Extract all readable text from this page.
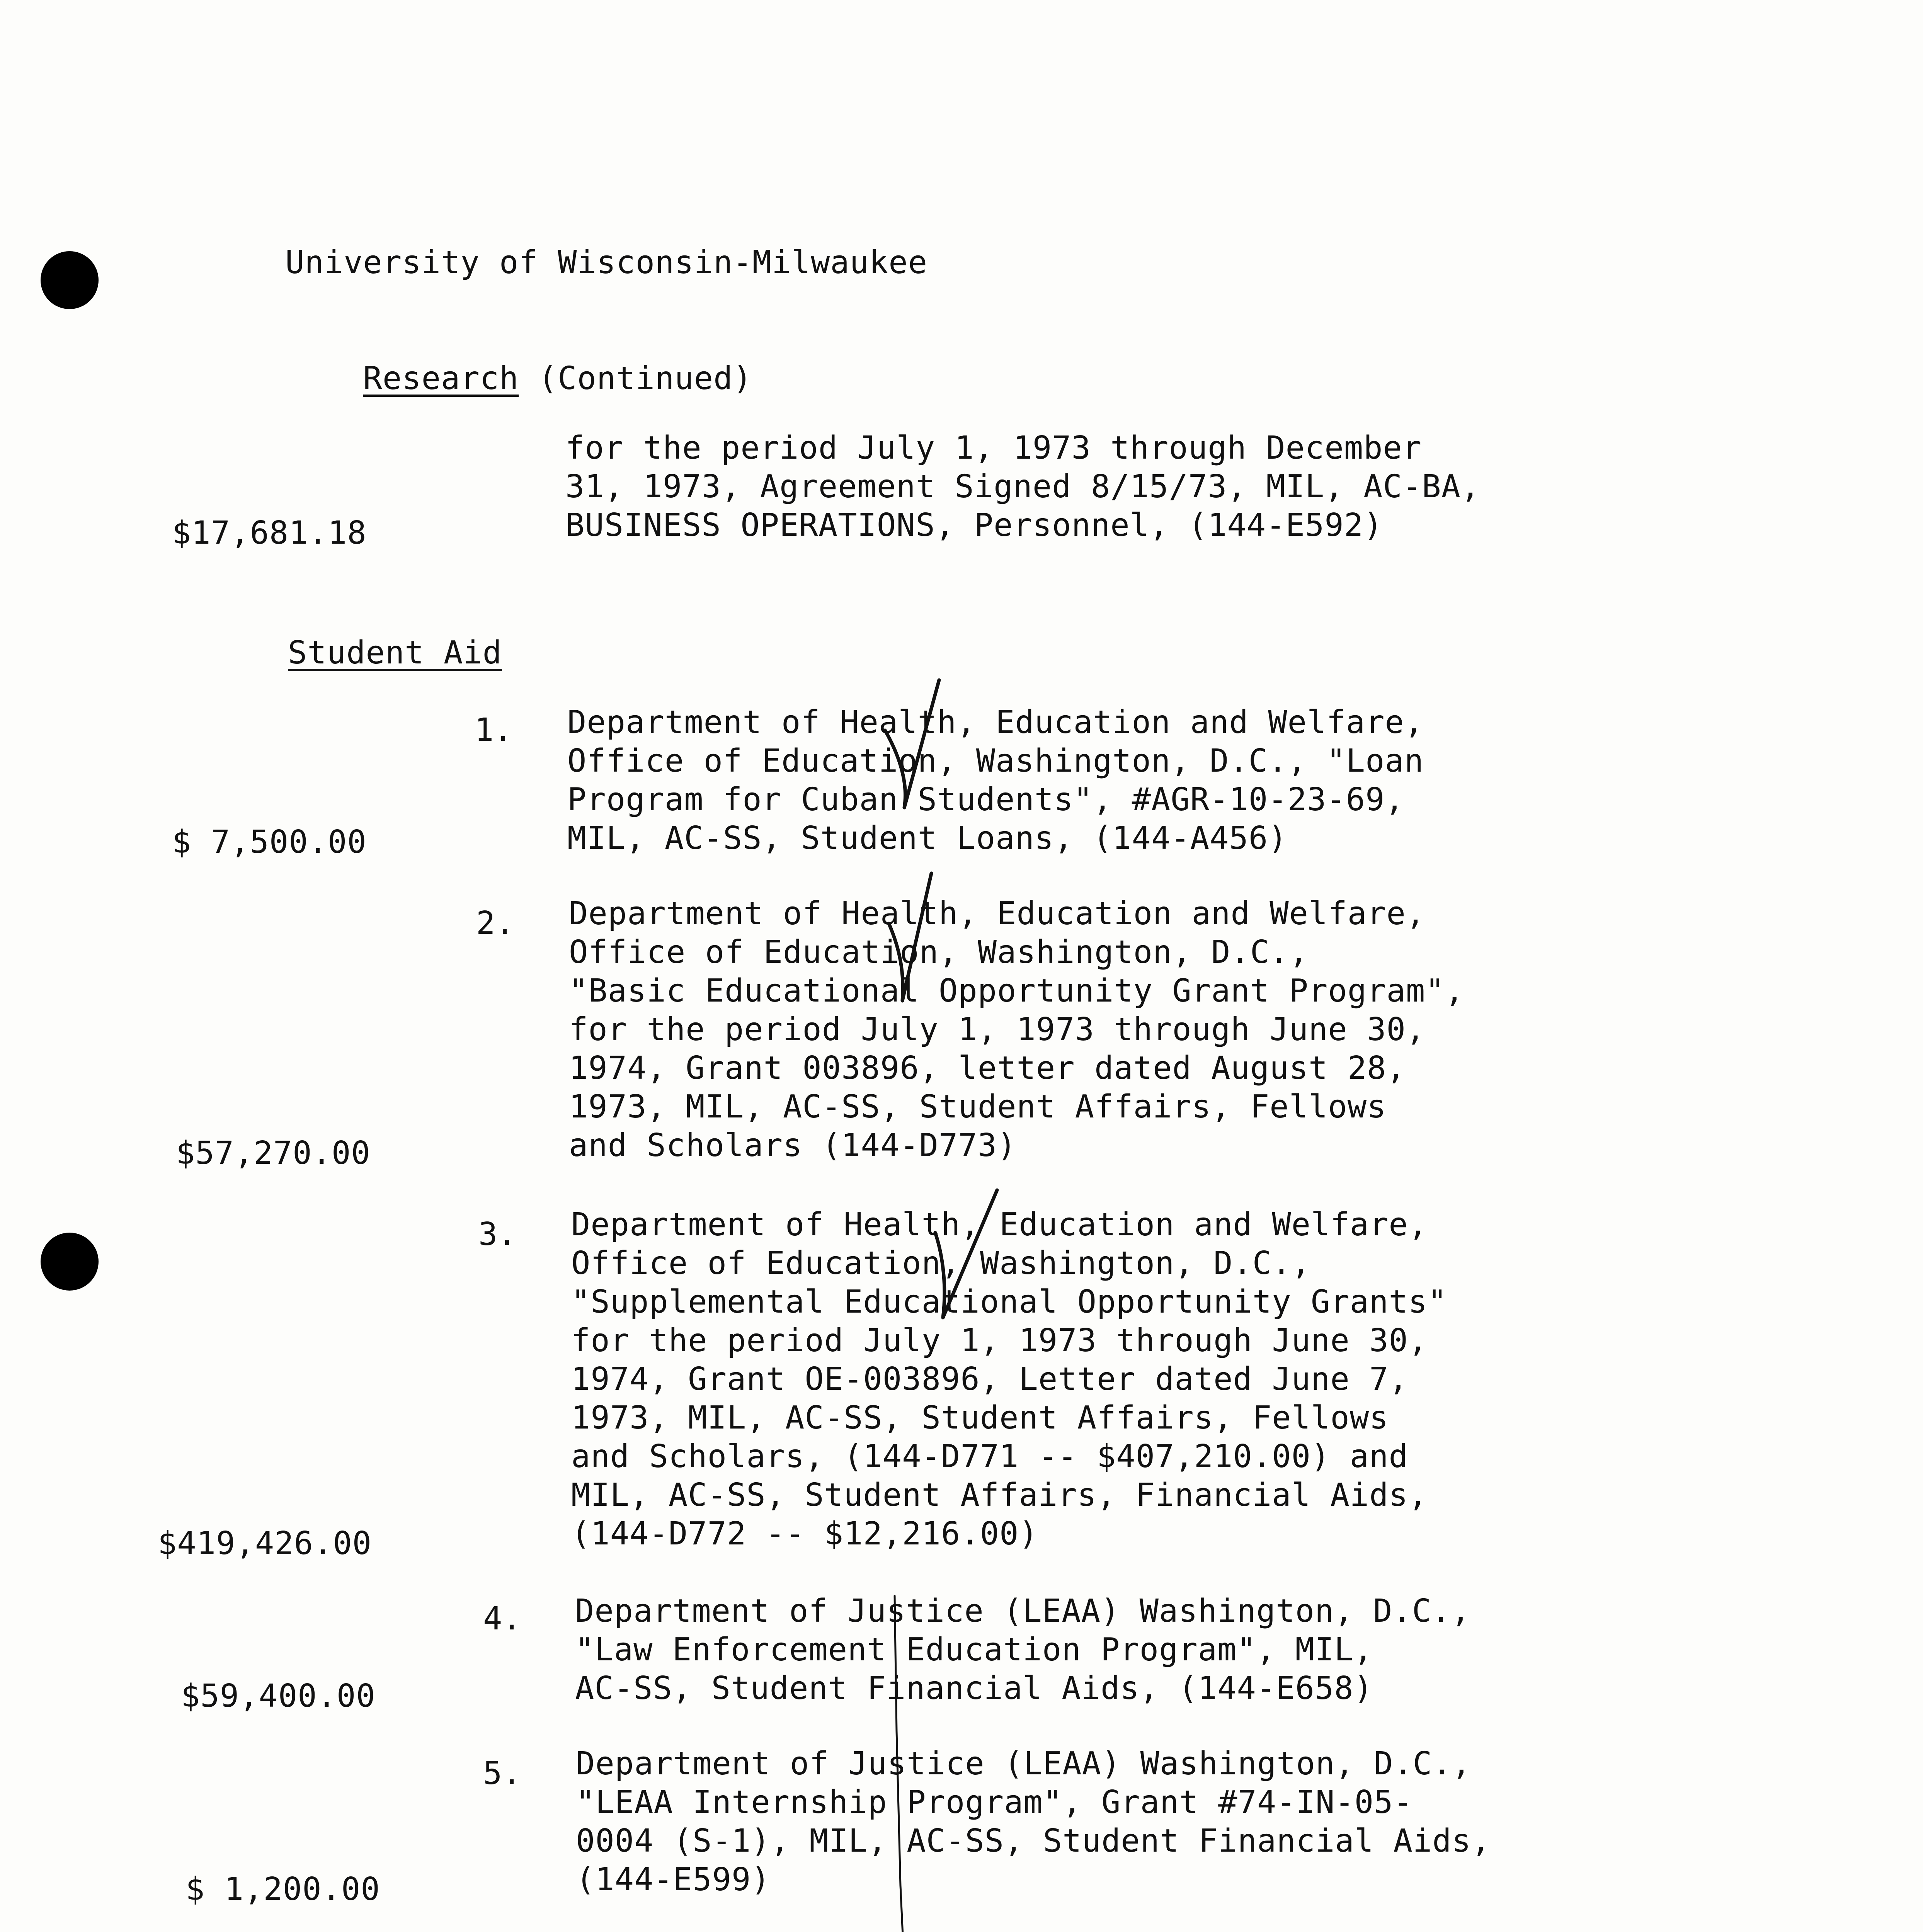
University of Wisconsin-Milwaukee

Research (Continued)

for the period July 1, 1973 through December
31, 1973, Agreement Signed 8/15/73, MIL, AC-BA,
BUSINESS OPERATIONS, Personnel, (144-E592)
$17,681.18
Student Aid
1. Department of Health, Education and Welfare,
Office of Education, Washington, D.C., "Loan
Program for Cuban Students", #AGR-10-23-69,
MIL, AC-SS, Student Loans, (144-A456)
$ 7,500.00
2. Department of Health, Education and Welfare,
Office of Education, Washington, D.C.,
"Basic Educational Opportunity Grant Program",
for the period July 1, 1973 through June 30,
1974, Grant 003896, letter dated August 28,
1973, MIL, AC-SS, Student Affairs, Fellows
and Scholars (144-D773)
$57,270.00
3. Department of Health, Education and Welfare,
Office of Education, Washington, D.C.,
"Supplemental Educational Opportunity Grants"
for the period July 1, 1973 through June 30,
1974, Grant OE-003896, Letter dated June 7,
1973, MIL, AC-SS, Student Affairs, Fellows
and Scholars, (144-D771 -- $407,210.00) and
MIL, AC-SS, Student Affairs, Financial Aids,
(144-D772 -- $12,216.00)
$419,426.00
4. Department of Justice (LEAA) Washington, D.C.,
"Law Enforcement Education Program", MIL,
AC-SS, Student Financial Aids, (144-E658)
$59,400.00
5. Department of Justice (LEAA) Washington, D.C.,
"LEAA Internship Program", Grant #74-IN-05-
0004 (S-1), MIL, AC-SS, Student Financial Aids,
(144-E599)
$ 1,200.00
